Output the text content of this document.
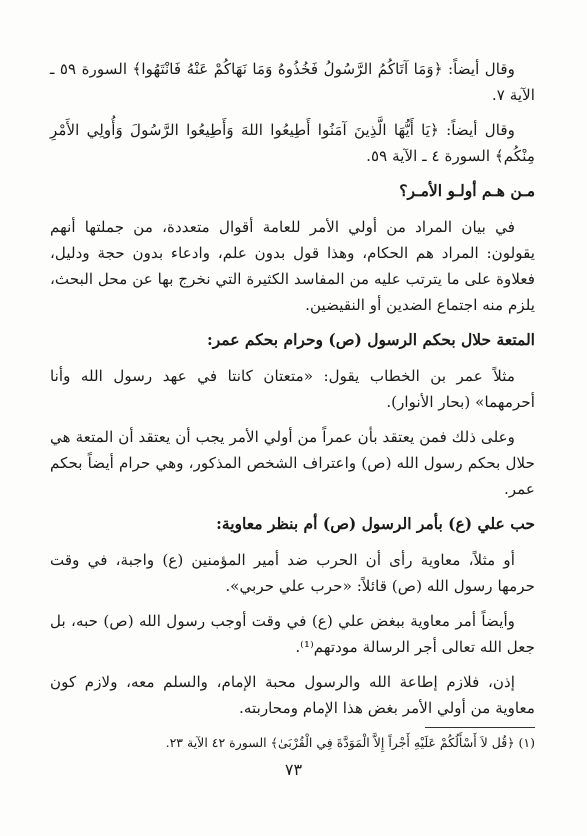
وقال أيضاً: ﴿وَمَا آتَاكُمُ الرَّسُولُ فَخُذُوهُ وَمَا نَهَاكُمْ عَنْهُ فَانْتَهُوا﴾ السورة ٥٩ ـ الآية ٧.

وقال أيضاً: ﴿يَا أَيُّهَا الَّذِينَ آمَنُوا أَطِيعُوا اللهَ وَأَطِيعُوا الرَّسُولَ وَأُولِي الأَمْرِ مِنْكُم﴾ السورة ٤ ـ الآية ٥٩.

مـن هـم أولـو الأمـر؟

في بيان المراد من أولي الأمر للعامة أقوال متعددة، من جملتها أنهم يقولون: المراد هم الحكام، وهذا قول بدون علم، وادعاء بدون حجة ودليل، فعلاوة على ما يترتب عليه من المفاسد الكثيرة التي نخرج بها عن محل البحث، يلزم منه اجتماع الضدين أو النقيضين.

المتعة حلال بحكم الرسول (ص) وحرام بحكم عمر:

مثلاً عمر بن الخطاب يقول: «متعتان كانتا في عهد رسول الله وأنا أحرمهما» (بحار الأنوار).

وعلى ذلك فمن يعتقد بأن عمراً من أولي الأمر يجب أن يعتقد أن المتعة هي حلال بحكم رسول الله (ص) واعتراف الشخص المذكور، وهي حرام أيضاً بحكم عمر.

حب علي (ع) بأمر الرسول (ص) أم بنظر معاوية:

أو مثلاً، معاوية رأى أن الحرب ضد أمير المؤمنين (ع) واجبة، في وقت حرمها رسول الله (ص) قائلاً: «حرب علي حربي».

وأيضاً أمر معاوية ببغض علي (ع) في وقت أوجب رسول الله (ص) حبه، بل جعل الله تعالى أجر الرسالة مودتهم⁽¹⁾.

إذن، فلازم إطاعة الله والرسول محبة الإمام، والسلم معه، ولازم كون معاوية من أولي الأمر بغض هذا الإمام ومحاربته.

(١) ﴿قُل لاَ أَسْأَلُكُمْ عَلَيْهِ أَجْراً إِلاَّ الْمَوَدَّةَ فِي الْقُرْبَىٰ﴾ السورة ٤٢ الآية ٢٣.
٧٣
